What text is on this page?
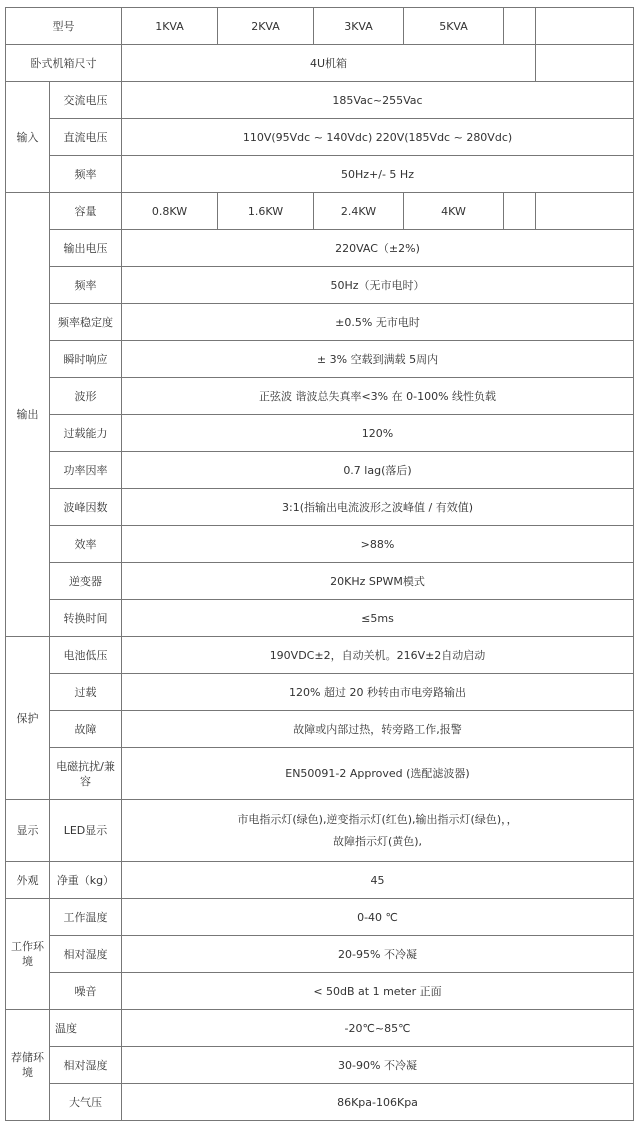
型号		1KVA	2KVA	3KVA	5KVA		
卧式机箱尺寸		4U机箱					
输入	交流电压	185Vac~255Vac					
	直流电压	110V(95Vdc ~ 140Vdc) 220V(185Vdc ~ 280Vdc)					
	频率	50Hz+/- 5 Hz					
输出	容量	0.8KW	1.6KW	2.4KW	4KW		
	输出电压	220VAC（±2%)					
	频率	50Hz（无市电时）					
	频率稳定度	±0.5% 无市电时					
	瞬时响应	± 3% 空载到满载 5周内					
	波形	正弦波 谐波总失真率<3% 在 0-100% 线性负载					
	过载能力	120%					
	功率因率	0.7 lag(落后)					
	波峰因数	3:1(指输出电流波形之波峰值 / 有效值)					
	效率	>88%					
	逆变器	20KHz SPWM模式					
	转换时间	≤5ms					
保护	电池低压	190VDC±2，自动关机。216V±2自动启动					
	过载	120% 超过 20 秒转由市电旁路输出					
	故障	故障或内部过热，转旁路工作,报警					
	电磁抗扰/兼容	EN50091-2 Approved (选配滤波器)					
显示	LED显示	市电指示灯(绿色),逆变指示灯(红色),输出指示灯(绿色)，，
故障指示灯(黄色),					

外观	净重（kg）	45					
工作环境	工作温度	0-40 ℃					
	相对湿度	20-95% 不冷凝					
	噪音	< 50dB at 1 meter 正面					
荐储环境	温度	-20℃~85℃					
	相对湿度	30-90% 不冷凝					
	大气压	86Kpa-106Kpa					
